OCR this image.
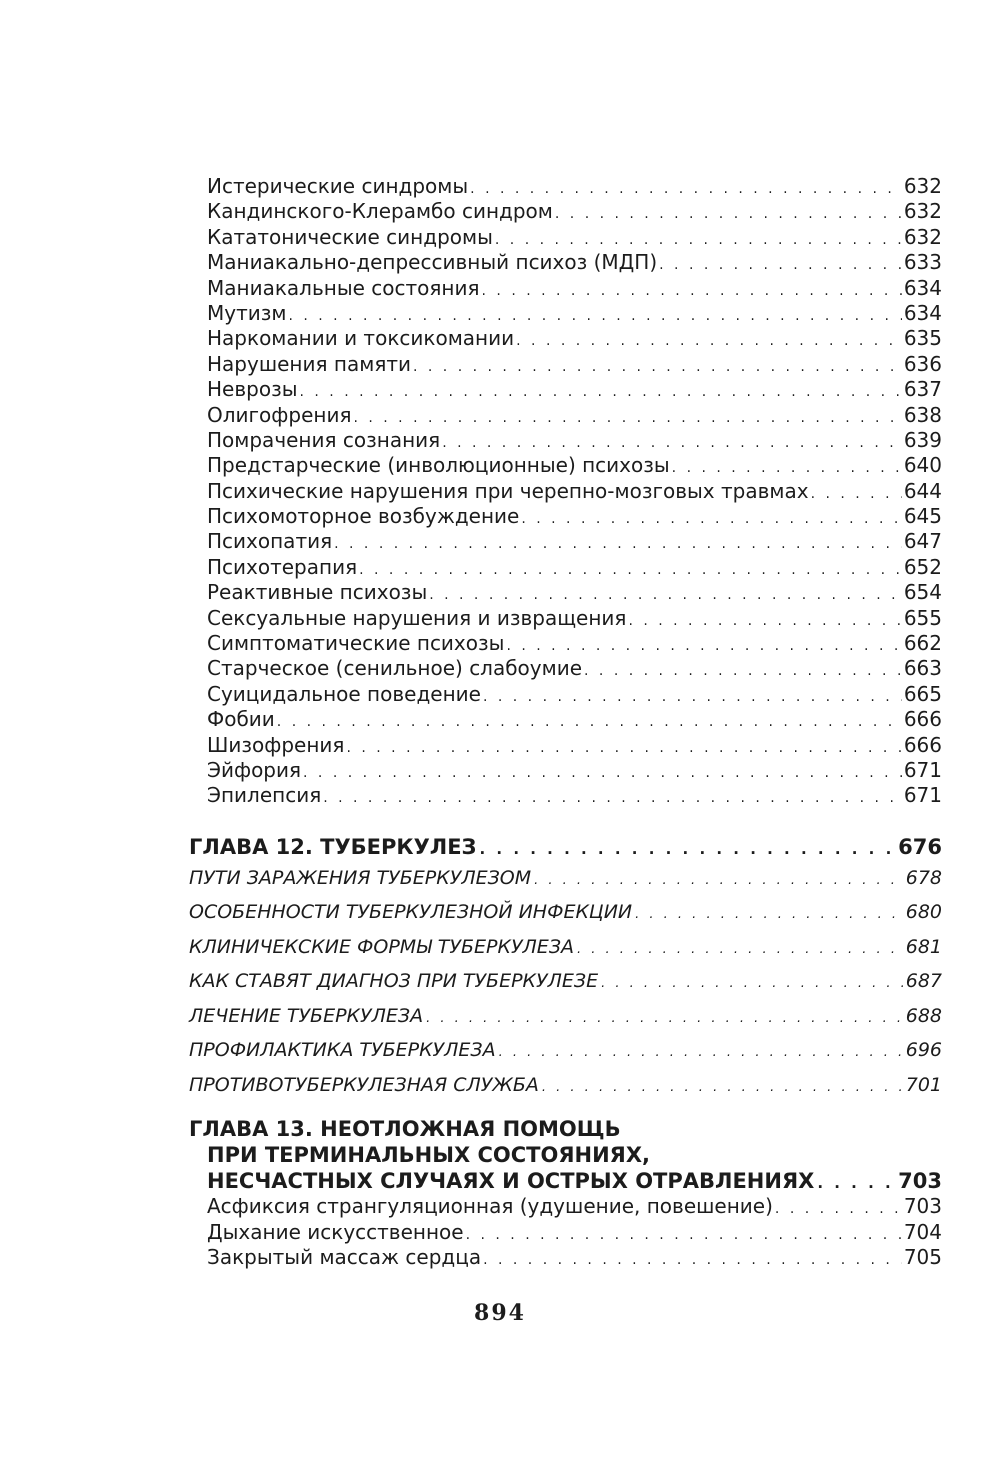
Истерические синдромы . . .	632
Кандинского-Клерамбо синдром . . .	632
Кататонические синдромы . . .	632
Маниакально-депрессивный психоз (МДП) . . .	633
Маниакальные состояния . . .	634
Мутизм . . .	634
Наркомании и токсикомании . . .	635
Нарушения памяти . . .	636
Неврозы . . .	637
Олигофрения . . .	638
Помрачения сознания . . .	639
Предстарческие (инволюционные) психозы . . .	640
Психические нарушения при черепно-мозговых травмах . . .	644
Психомоторное возбуждение . . .	645
Психопатия . . .	647
Психотерапия . . .	652
Реактивные психозы . . .	654
Сексуальные нарушения и извращения . . .	655
Симптоматические психозы . . .	662
Старческое (сенильное) слабоумие . . .	663
Суицидальное поведение . . .	665
Фобии . . .	666
Шизофрения . . .	666
Эйфория . . .	671
Эпилепсия . . .	671
ГЛАВА 12. ТУБЕРКУЛЕЗ . . .	676
ПУТИ ЗАРАЖЕНИЯ ТУБЕРКУЛЕЗОМ . . .	678
ОСОБЕННОСТИ ТУБЕРКУЛЕЗНОЙ ИНФЕКЦИИ . . .	680
КЛИНИЧЕКСКИЕ ФОРМЫ ТУБЕРКУЛЕЗА . . .	681
КАК СТАВЯТ ДИАГНОЗ ПРИ ТУБЕРКУЛЕЗЕ . . .	687
ЛЕЧЕНИЕ ТУБЕРКУЛЕЗА . . .	688
ПРОФИЛАКТИКА ТУБЕРКУЛЕЗА . . .	696
ПРОТИВОТУБЕРКУЛЕЗНАЯ СЛУЖБА . . .	701
ГЛАВА 13. НЕОТЛОЖНАЯ ПОМОЩЬ
ПРИ ТЕРМИНАЛЬНЫХ СОСТОЯНИЯХ,
НЕСЧАСТНЫХ СЛУЧАЯХ И ОСТРЫХ ОТРАВЛЕНИЯХ . . .	703
Асфиксия странгуляционная (удушение, повешение) . . .	703
Дыхание искусственное . . .	704
Закрытый массаж сердца . . .	705
894
